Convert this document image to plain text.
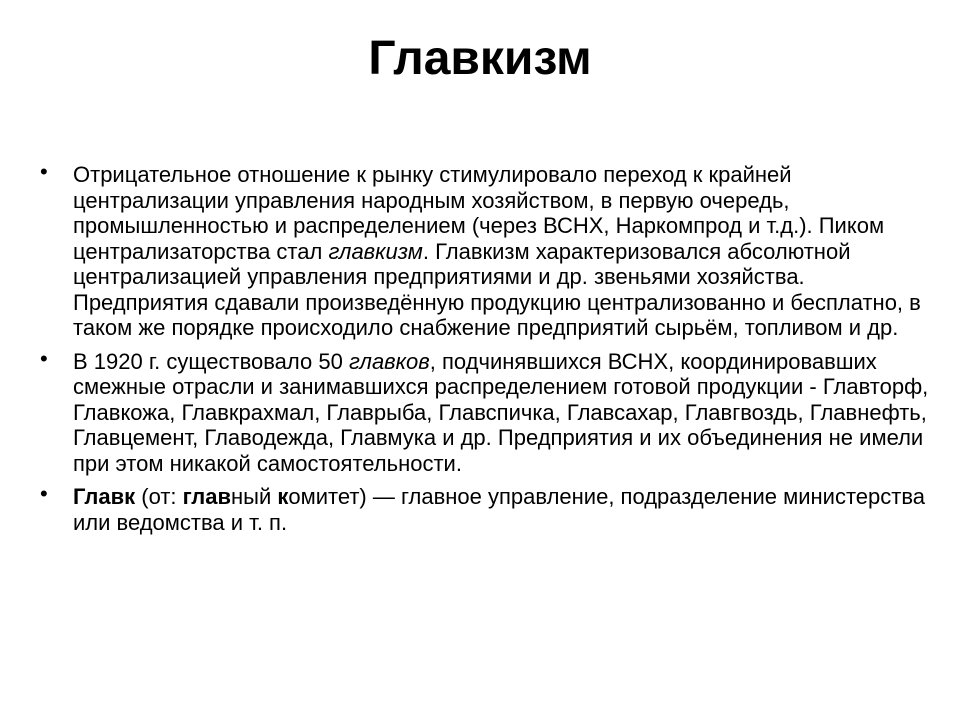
Главкизм
• Отрицательное отношение к рынку стимулировало переход к крайней централизации управления народным хозяйством, в первую очередь, промышленностью и распределением (через ВСНХ, Наркомпрод и т.д.). Пиком централизаторства стал главкизм. Главкизм характеризовался абсолютной централизацией управления предприятиями и др. звеньями хозяйства. Предприятия сдавали произведённую продукцию централизованно и бесплатно, в таком же порядке происходило снабжение предприятий сырьём, топливом и др.
• В 1920 г. существовало 50 главков, подчинявшихся ВСНХ, координировавших смежные отрасли и занимавшихся распределением готовой продукции - Главторф, Главкожа, Главкрахмал, Главрыба, Главспичка, Главсахар, Главгвоздь, Главнефть, Главцемент, Главодежда, Главмука и др. Предприятия и их объединения не имели при этом никакой самостоятельности.
• Главк (от: главный комитет) — главное управление, подразделение министерства или ведомства и т. п.
